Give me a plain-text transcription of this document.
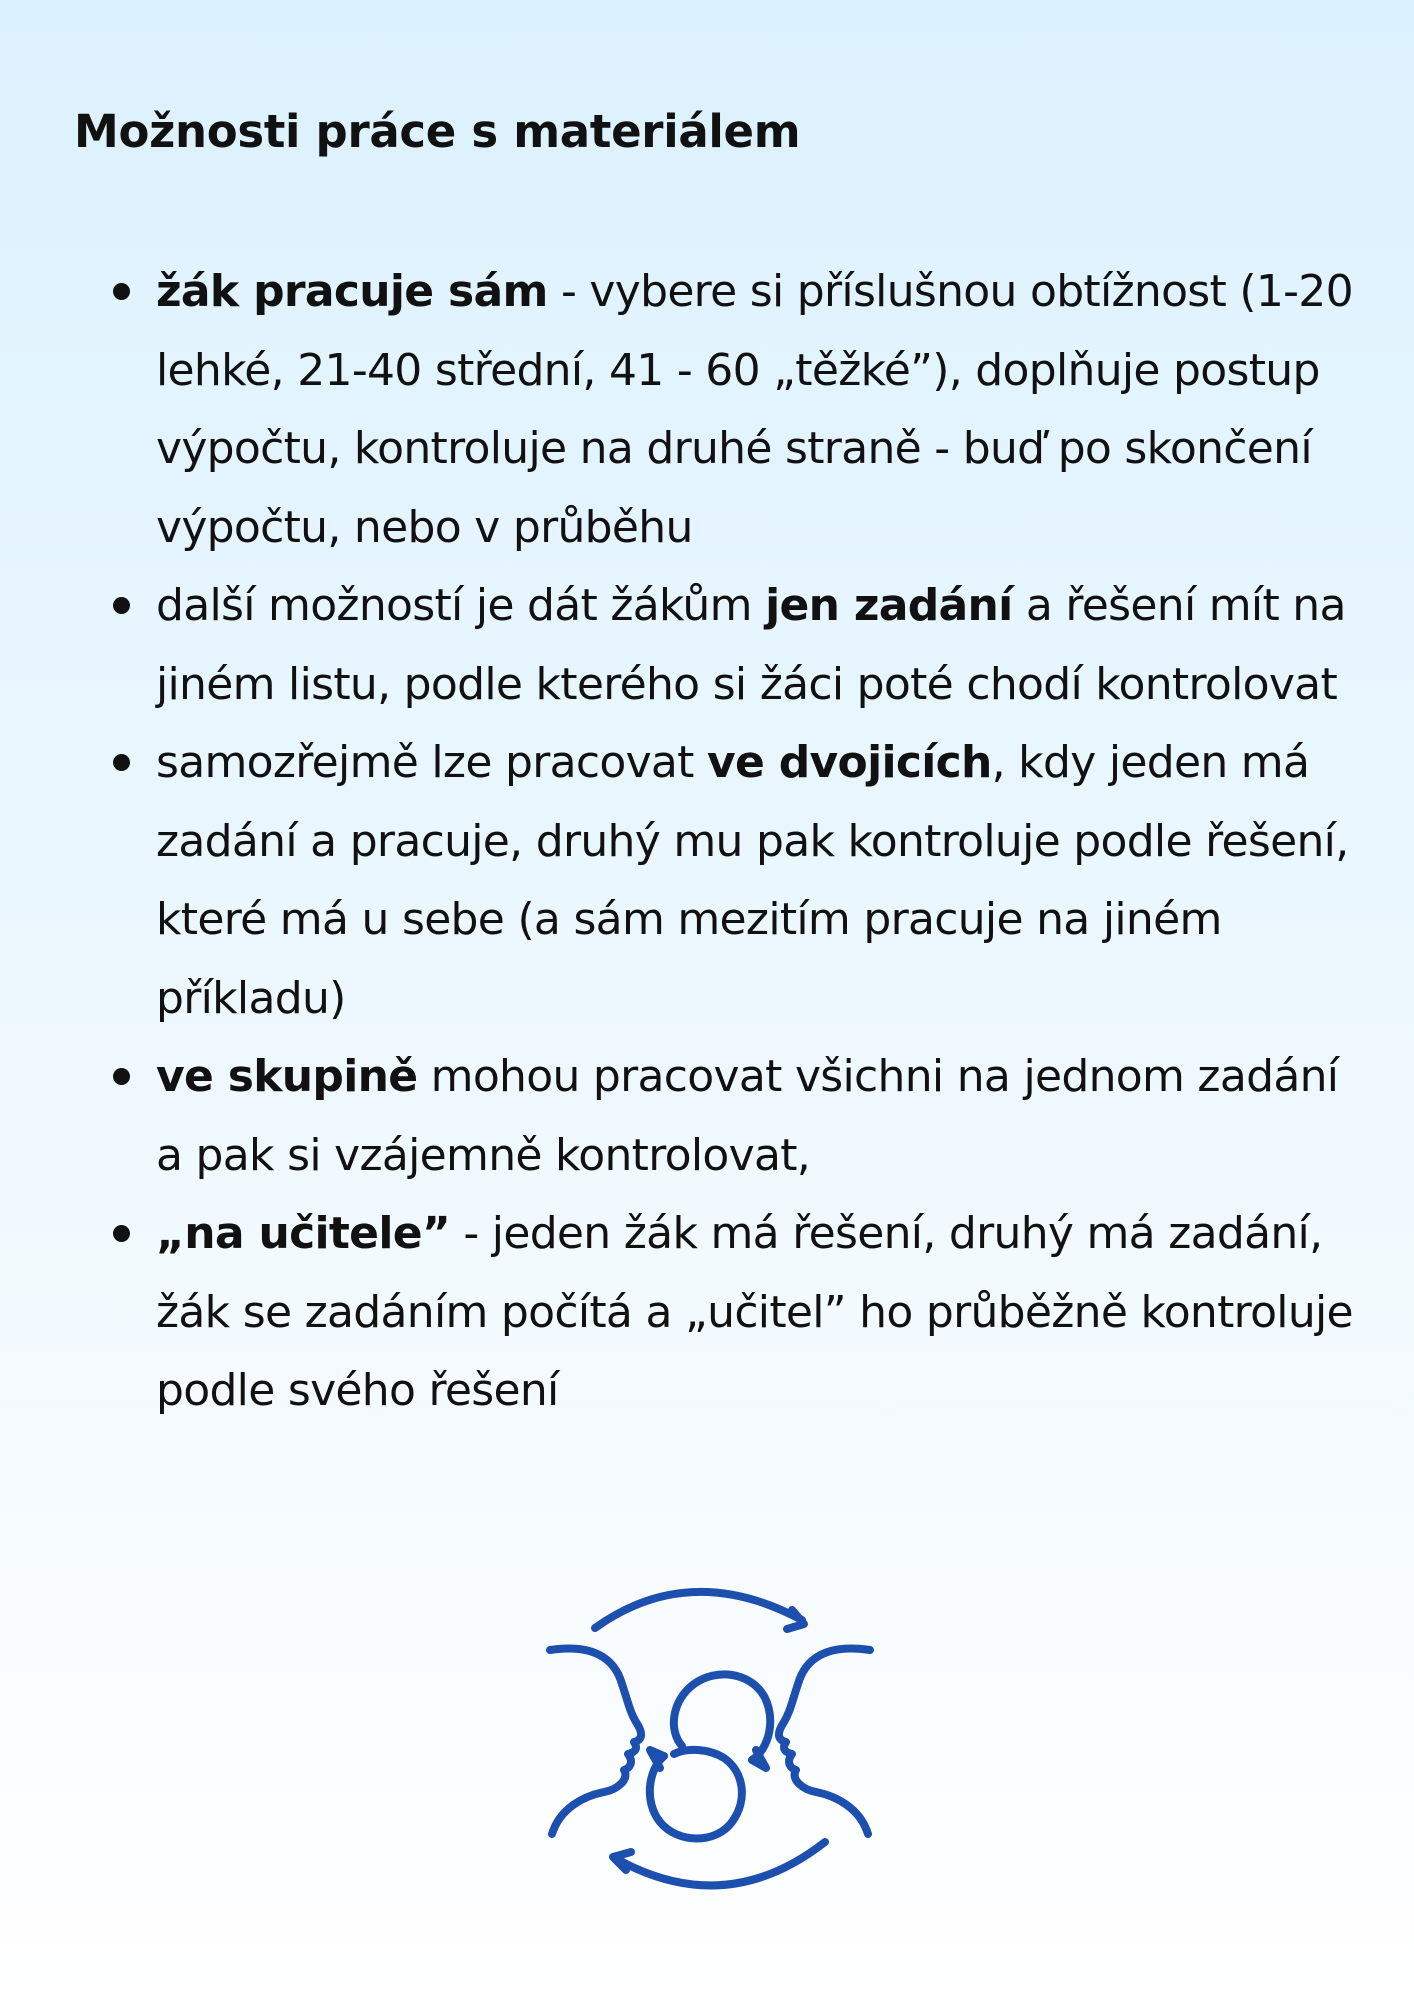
Možnosti práce s materiálem
žák pracuje sám - vybere si příslušnou obtížnost (1-20 lehké, 21-40 střední, 41 - 60 „těžké”), doplňuje postup výpočtu, kontroluje na druhé straně - buď po skončení výpočtu, nebo v průběhu
další možností je dát žákům jen zadání a řešení mít na jiném listu, podle kterého si žáci poté chodí kontrolovat
samozřejmě lze pracovat ve dvojicích, kdy jeden má zadání a pracuje, druhý mu pak kontroluje podle řešení, které má u sebe (a sám mezitím pracuje na jiném příkladu)
ve skupině mohou pracovat všichni na jednom zadání a pak si vzájemně kontrolovat,
„na učitele” - jeden žák má řešení, druhý má zadání, žák se zadáním počítá a „učitel” ho průběžně kontroluje podle svého řešení
